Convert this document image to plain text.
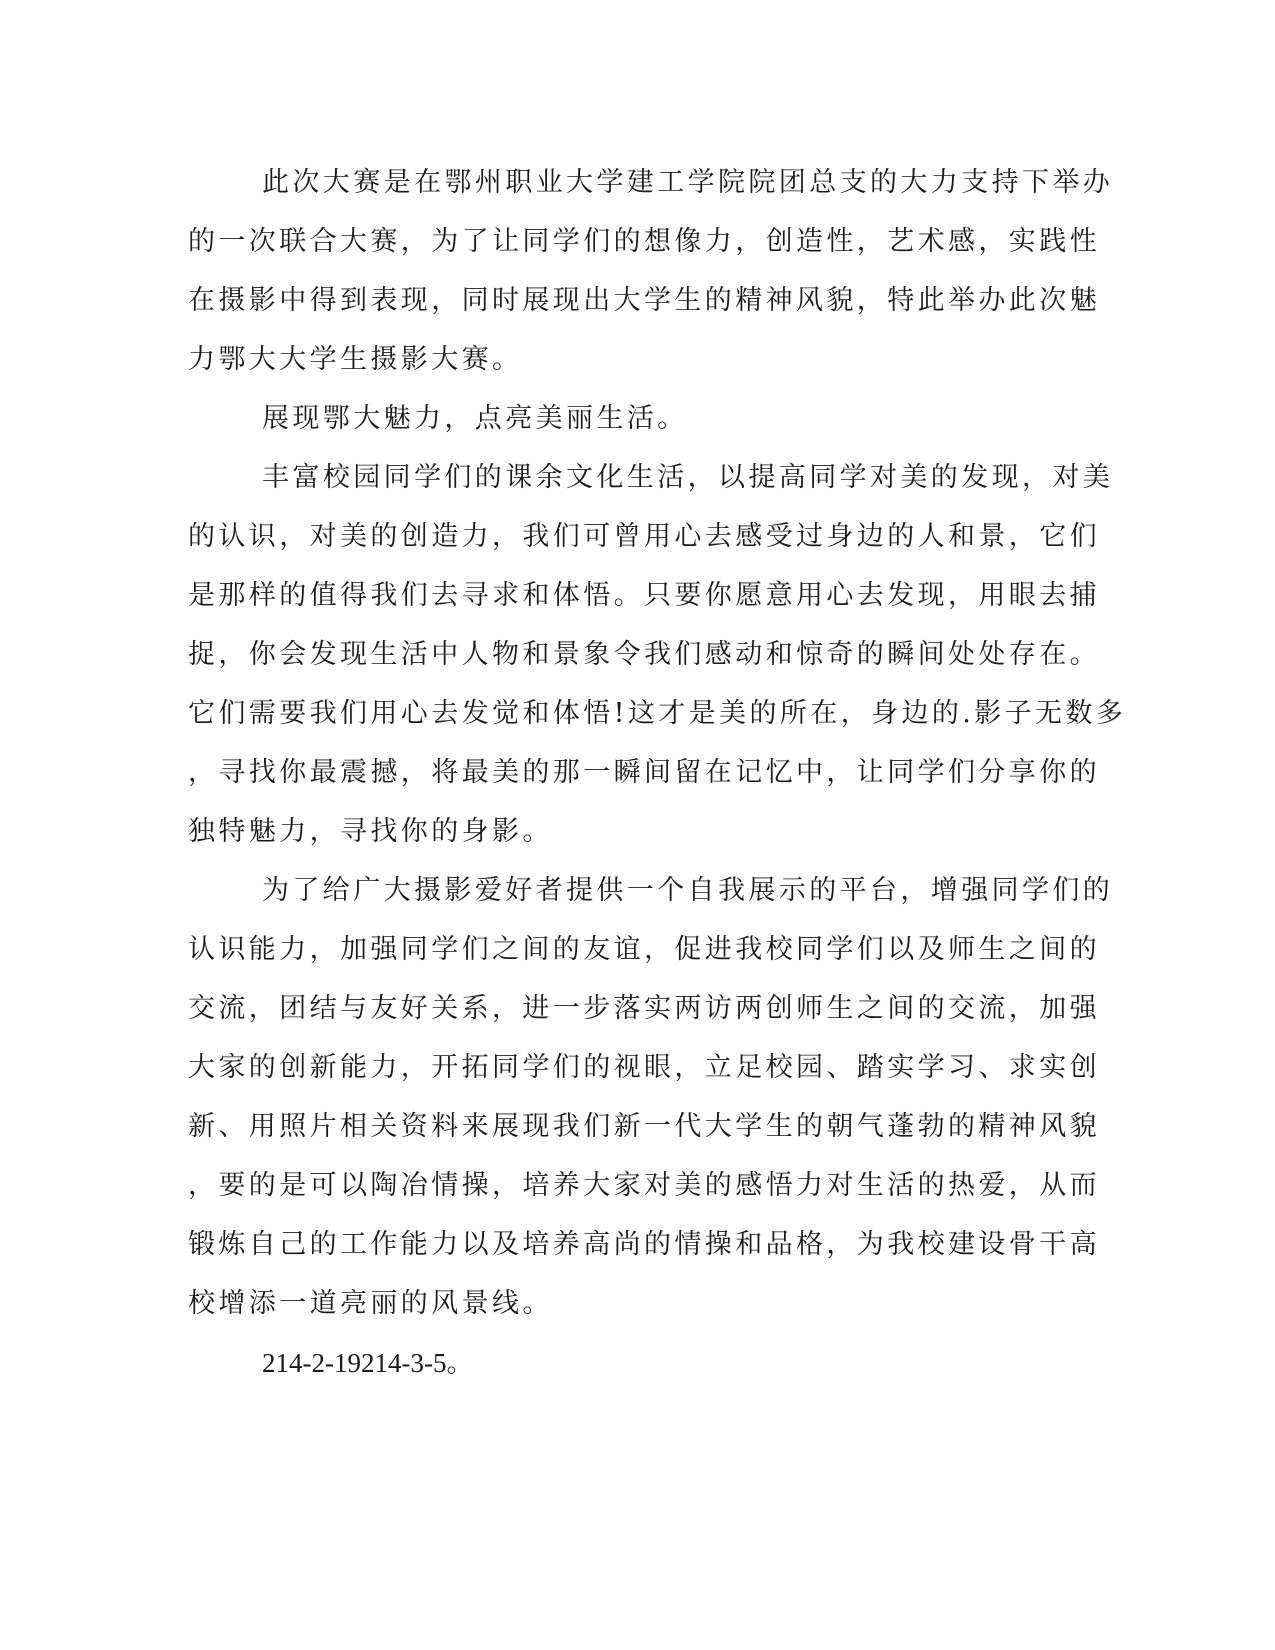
此次大赛是在鄂州职业大学建工学院院团总支的大力支持下举办

的一次联合大赛，为了让同学们的想像力，创造性，艺术感，实践性

在摄影中得到表现，同时展现出大学生的精神风貌，特此举办此次魅

力鄂大大学生摄影大赛。

展现鄂大魅力，点亮美丽生活。

丰富校园同学们的课余文化生活，以提高同学对美的发现，对美

的认识，对美的创造力，我们可曾用心去感受过身边的人和景，它们

是那样的值得我们去寻求和体悟。只要你愿意用心去发现，用眼去捕

捉，你会发现生活中人物和景象令我们感动和惊奇的瞬间处处存在。

它们需要我们用心去发觉和体悟!这才是美的所在，身边的.影子无数多

，寻找你最震撼，将最美的那一瞬间留在记忆中，让同学们分享你的

独特魅力，寻找你的身影。

为了给广大摄影爱好者提供一个自我展示的平台，增强同学们的

认识能力，加强同学们之间的友谊，促进我校同学们以及师生之间的

交流，团结与友好关系，进一步落实两访两创师生之间的交流，加强

大家的创新能力，开拓同学们的视眼，立足校园、踏实学习、求实创

新、用照片相关资料来展现我们新一代大学生的朝气蓬勃的精神风貌

，要的是可以陶冶情操，培养大家对美的感悟力对生活的热爱，从而

锻炼自己的工作能力以及培养高尚的情操和品格，为我校建设骨干高

校增添一道亮丽的风景线。

214-2-19214-3-5。
